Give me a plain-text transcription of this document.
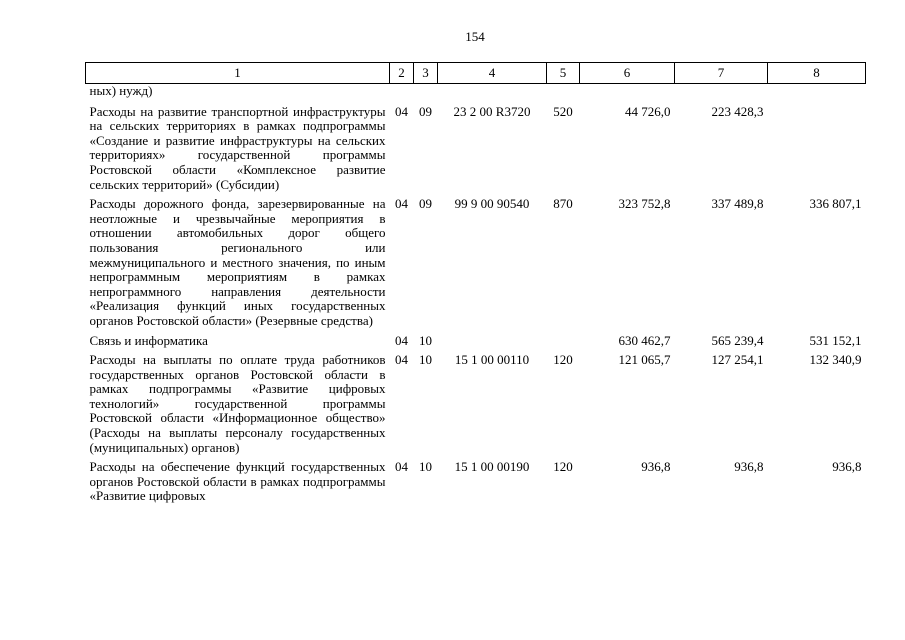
154
1	2	3	4	5	6	7	8
ных) нужд)							
Расходы на развитие транспортной инфраструктуры на сельских территориях в рамках подпрограммы «Создание и развитие инфраструктуры на сельских территориях» государственной программы Ростовской области «Комплексное развитие сельских территорий» (Субсидии)	04	09	23 2 00 R3720	520	44 726,0	223 428,3	
Расходы дорожного фонда, зарезервированные на неотложные и чрезвычайные мероприятия в отношении автомобильных дорог общего пользования регионального или межмуниципального и местного значения, по иным непрограммным мероприятиям в рамках непрограммного направления деятельности «Реализация функций иных государственных органов Ростовской области» (Резервные средства)	04	09	99 9 00 90540	870	323 752,8	337 489,8	336 807,1
Связь и информатика	04	10			630 462,7	565 239,4	531 152,1
Расходы на выплаты по оплате труда работников государственных органов Ростовской области в рамках подпрограммы «Развитие цифровых технологий» государственной программы Ростовской области «Информационное общество» (Расходы на выплаты персоналу государственных (муниципальных) органов)	04	10	15 1 00 00110	120	121 065,7	127 254,1	132 340,9
Расходы на обеспечение функций государственных органов Ростовской области в рамках подпрограммы «Развитие цифровых	04	10	15 1 00 00190	120	936,8	936,8	936,8
